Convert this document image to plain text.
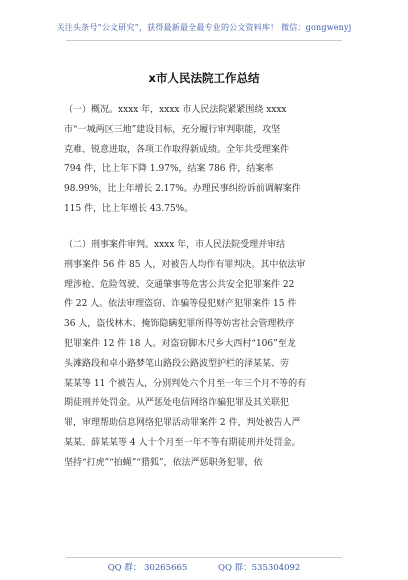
关注头条号“公文研究”，获得最新最全最专业的公文资料库！ 微信：gongwenyj
x市人民法院工作总结
（一）概况。xxxx 年，xxxx 市人民法院紧紧围绕 xxxx
市“一城两区三地”建设目标，充分履行审判职能，攻坚
克难、锐意进取，各项工作取得新成绩。全年共受理案件
794 件，比上年下降 1.97%，结案 786 件，结案率
98.99%，比上年增长 2.17%。办理民事纠纷诉前调解案件
115 件，比上年增长 43.75%。
（二）刑事案件审判。xxxx 年，市人民法院受理并审结
刑事案件 56 件 85 人，对被告人均作有罪判决。其中依法审
理涉枪、危险驾驶、交通肇事等危害公共安全犯罪案件 22
件 22 人。依法审理盗窃、诈骗等侵犯财产犯罪案件 15 件
36 人，盗伐林木、掩饰隐瞒犯罪所得等妨害社会管理秩序
犯罪案件 12 件 18 人。对盗窃脚木尺乡大西村“106”至龙
头滩路段和卓小路梦笔山路段公路波型护栏的泽某某、劳
某某等 11 个被告人，分别判处六个月至一年三个月不等的有
期徒刑并处罚金。从严惩处电信网络诈骗犯罪及其关联犯
罪，审理帮助信息网络犯罪活动罪案件 2 件，判处被告人严
某某、薛某某等 4 人十个月至一年不等有期徒刑并处罚金。
坚持“打虎”“拍蝇”“猎狐”，依法严惩职务犯罪，依
QQ 群： 30265665	QQ 群：535304092
